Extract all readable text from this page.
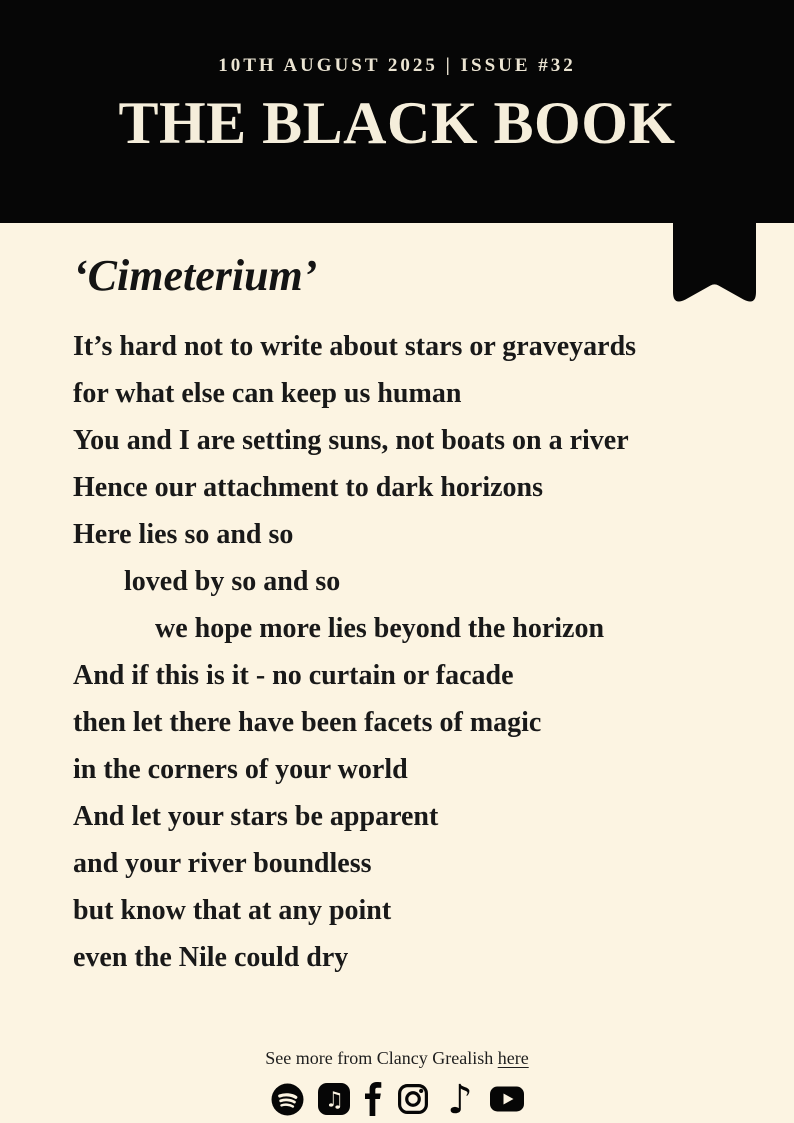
10TH AUGUST 2025 | ISSUE #32
THE BLACK BOOK
‘Cimeterium’
It’s hard not to write about stars or graveyards
for what else can keep us human
You and I are setting suns, not boats on a river
Hence our attachment to dark horizons
Here lies so and so
loved by so and so
we hope more lies beyond the horizon
And if this is it - no curtain or facade
then let there have been facets of magic
in the corners of your world
And let your stars be apparent
and your river boundless
but know that at any point
even the Nile could dry
See more from Clancy Grealish here
♫	♪
